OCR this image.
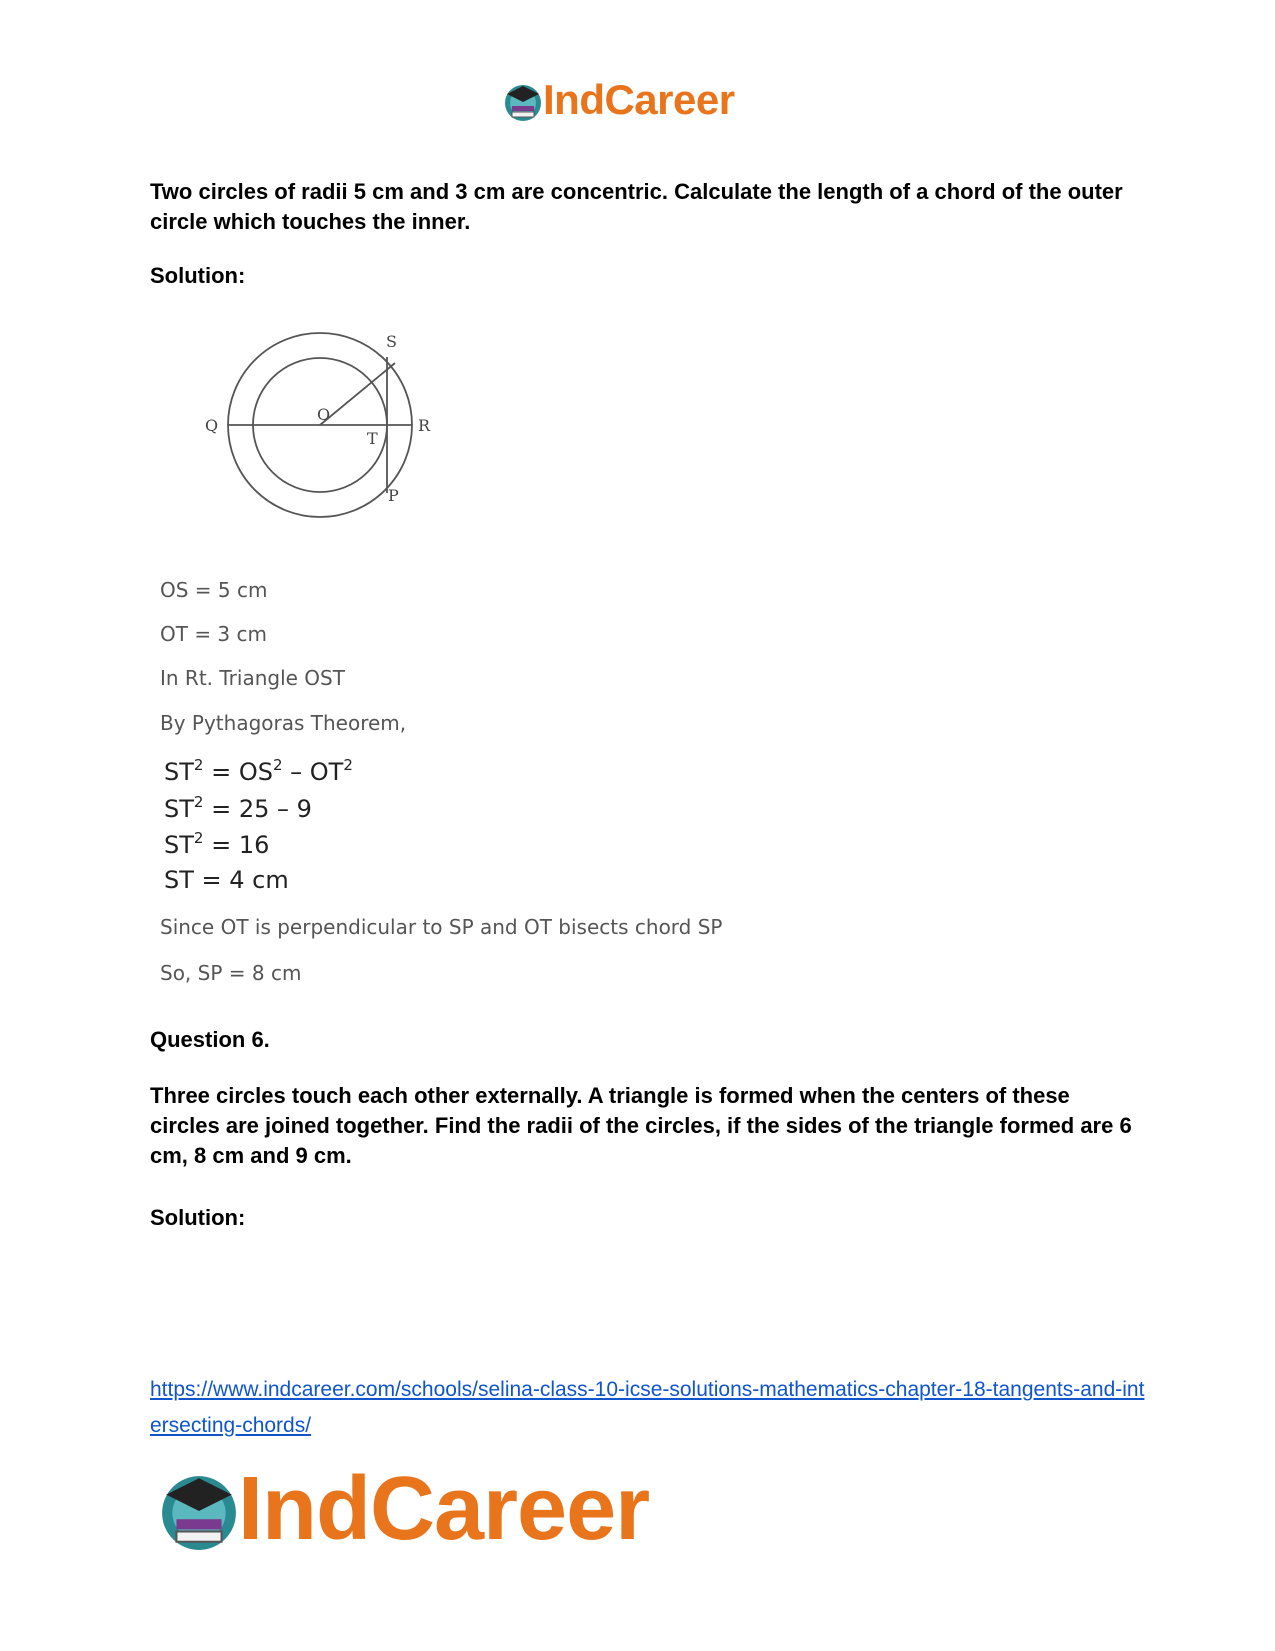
IndCareer
Two circles of radii 5 cm and 3 cm are concentric. Calculate the length of a chord of the outer circle which touches the inner.
Solution:
Q
O
T
R
S
P
OS = 5 cm
OT = 3 cm
In Rt. Triangle OST
By Pythagoras Theorem,
$ST^2 = OS^2 - OT^2$
$ST^2 = 25 - 9$
$ST^2 = 16$
ST = 4 cm
Since OT is perpendicular to SP and OT bisects chord SP
So, SP = 8 cm
Question 6.
Three circles touch each other externally. A triangle is formed when the centers of these circles are joined together. Find the radii of the circles, if the sides of the triangle formed are 6 cm, 8 cm and 9 cm.
Solution:
https://www.indcareer.com/schools/selina-class-10-icse-solutions-mathematics-chapter-18-tangents-and-intersecting-chords/
IndCareer
